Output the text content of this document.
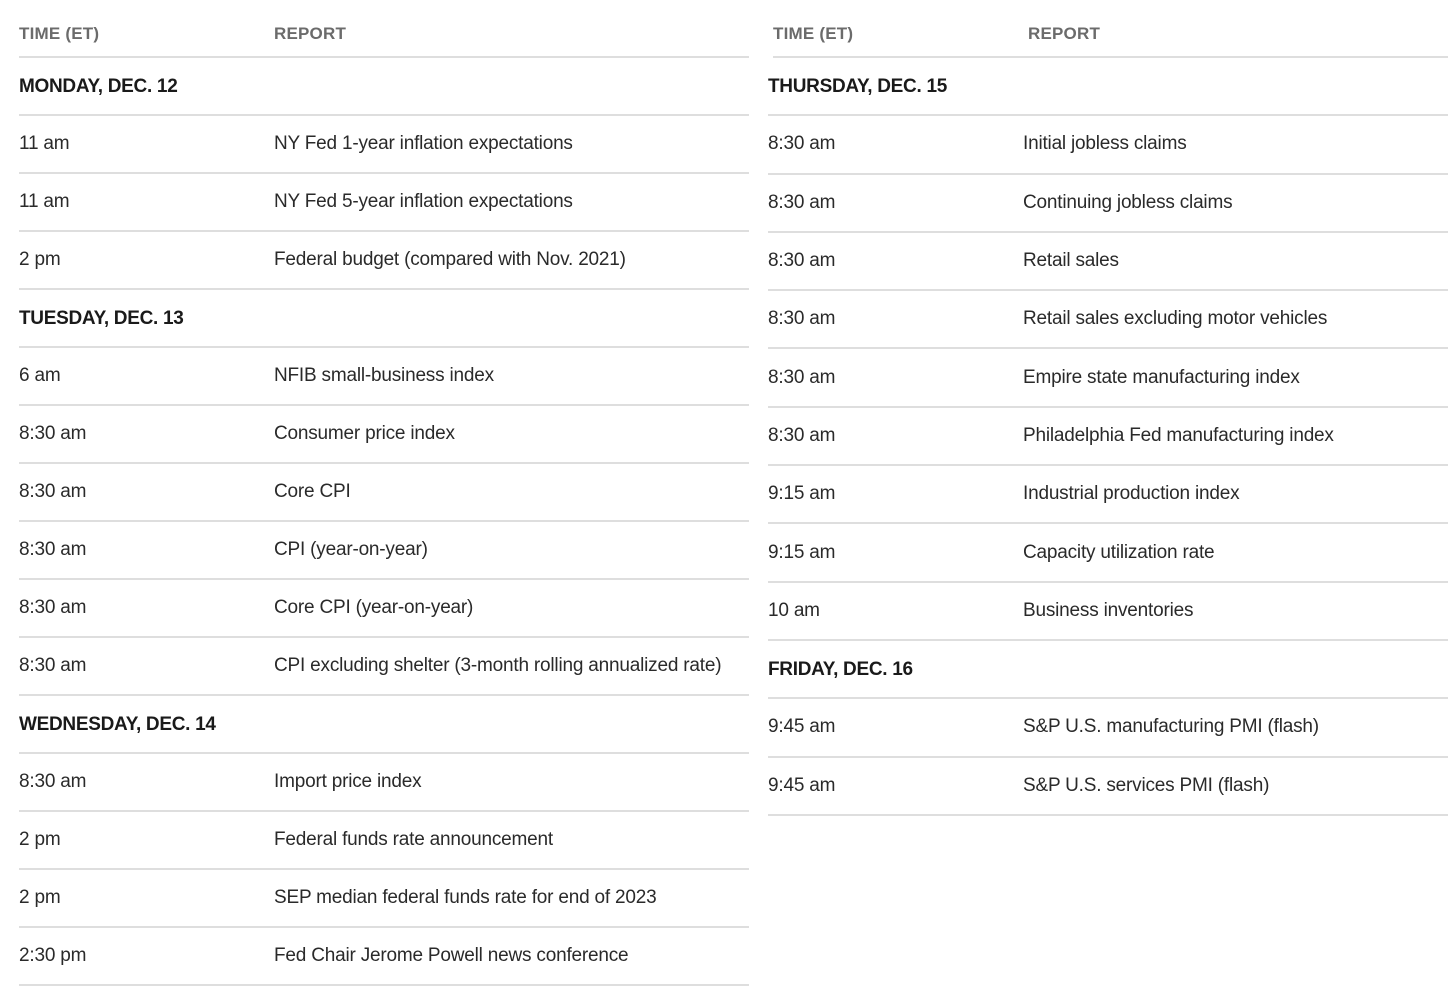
TIME (ET)	REPORT
MONDAY, DEC. 12
11 am	NY Fed 1-year inflation expectations
11 am	NY Fed 5-year inflation expectations
2 pm	Federal budget (compared with Nov. 2021)
TUESDAY, DEC. 13
6 am	NFIB small-business index
8:30 am	Consumer price index
8:30 am	Core CPI
8:30 am	CPI (year-on-year)
8:30 am	Core CPI (year-on-year)
8:30 am	CPI excluding shelter (3-month rolling annualized rate)
WEDNESDAY, DEC. 14
8:30 am	Import price index
2 pm	Federal funds rate announcement
2 pm	SEP median federal funds rate for end of 2023
2:30 pm	Fed Chair Jerome Powell news conference
TIME (ET)	REPORT
THURSDAY, DEC. 15
8:30 am	Initial jobless claims
8:30 am	Continuing jobless claims
8:30 am	Retail sales
8:30 am	Retail sales excluding motor vehicles
8:30 am	Empire state manufacturing index
8:30 am	Philadelphia Fed manufacturing index
9:15 am	Industrial production index
9:15 am	Capacity utilization rate
10 am	Business inventories
FRIDAY, DEC. 16
9:45 am	S&P U.S. manufacturing PMI (flash)
9:45 am	S&P U.S. services PMI (flash)
